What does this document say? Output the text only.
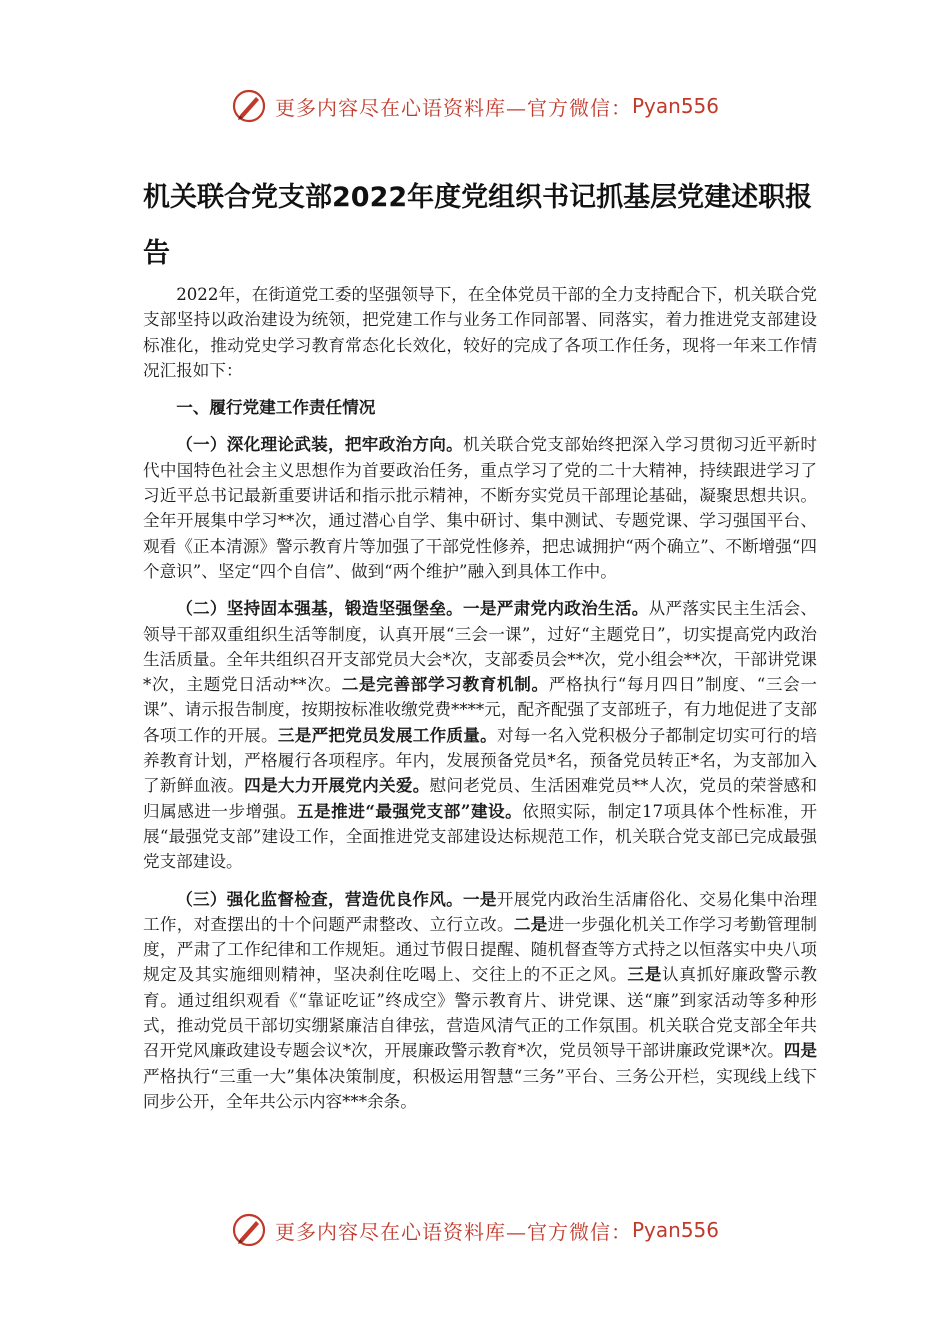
更多内容尽在心语资料库—官方微信： Pyan556
机关联合党支部2022年度党组织书记抓基层党建述职报告

2022年，在街道党工委的坚强领导下，在全体党员干部的全力支持配合下，机关联合党支部坚持以政治建设为统领，把党建工作与业务工作同部署、同落实，着力推进党支部建设标准化，推动党史学习教育常态化长效化，较好的完成了各项工作任务，现将一年来工作情况汇报如下：

一、履行党建工作责任情况

（一）深化理论武装，把牢政治方向。机关联合党支部始终把深入学习贯彻习近平新时代中国特色社会主义思想作为首要政治任务，重点学习了党的二十大精神，持续跟进学习了习近平总书记最新重要讲话和指示批示精神，不断夯实党员干部理论基础，凝聚思想共识。全年开展集中学习**次，通过潜心自学、集中研讨、集中测试、专题党课、学习强国平台、观看《正本清源》警示教育片等加强了干部党性修养，把忠诚拥护“两个确立”、不断增强“四个意识”、坚定“四个自信”、做到“两个维护”融入到具体工作中。

（二）坚持固本强基，锻造坚强堡垒。一是严肃党内政治生活。从严落实民主生活会、领导干部双重组织生活等制度，认真开展“三会一课”，过好“主题党日”，切实提高党内政治生活质量。全年共组织召开支部党员大会*次，支部委员会**次，党小组会**次，干部讲党课*次，主题党日活动**次。二是完善部学习教育机制。严格执行“每月四日”制度、“三会一课”、请示报告制度，按期按标准收缴党费****元，配齐配强了支部班子，有力地促进了支部各项工作的开展。三是严把党员发展工作质量。对每一名入党积极分子都制定切实可行的培养教育计划，严格履行各项程序。年内，发展预备党员*名，预备党员转正*名，为支部加入了新鲜血液。四是大力开展党内关爱。慰问老党员、生活困难党员**人次，党员的荣誉感和归属感进一步增强。五是推进“最强党支部”建设。依照实际，制定17项具体个性标准，开展“最强党支部”建设工作，全面推进党支部建设达标规范工作，机关联合党支部已完成最强党支部建设。

（三）强化监督检查，营造优良作风。一是开展党内政治生活庸俗化、交易化集中治理工作，对查摆出的十个问题严肃整改、立行立改。二是进一步强化机关工作学习考勤管理制度，严肃了工作纪律和工作规矩。通过节假日提醒、随机督查等方式持之以恒落实中央八项规定及其实施细则精神，坚决刹住吃喝上、交往上的不正之风。三是认真抓好廉政警示教育。通过组织观看《“靠证吃证”终成空》警示教育片、讲党课、送“廉”到家活动等多种形式，推动党员干部切实绷紧廉洁自律弦，营造风清气正的工作氛围。机关联合党支部全年共召开党风廉政建设专题会议*次，开展廉政警示教育*次，党员领导干部讲廉政党课*次。四是严格执行“三重一大”集体决策制度，积极运用智慧“三务”平台、三务公开栏，实现线上线下同步公开，全年共公示内容***余条。

更多内容尽在心语资料库—官方微信： Pyan556
